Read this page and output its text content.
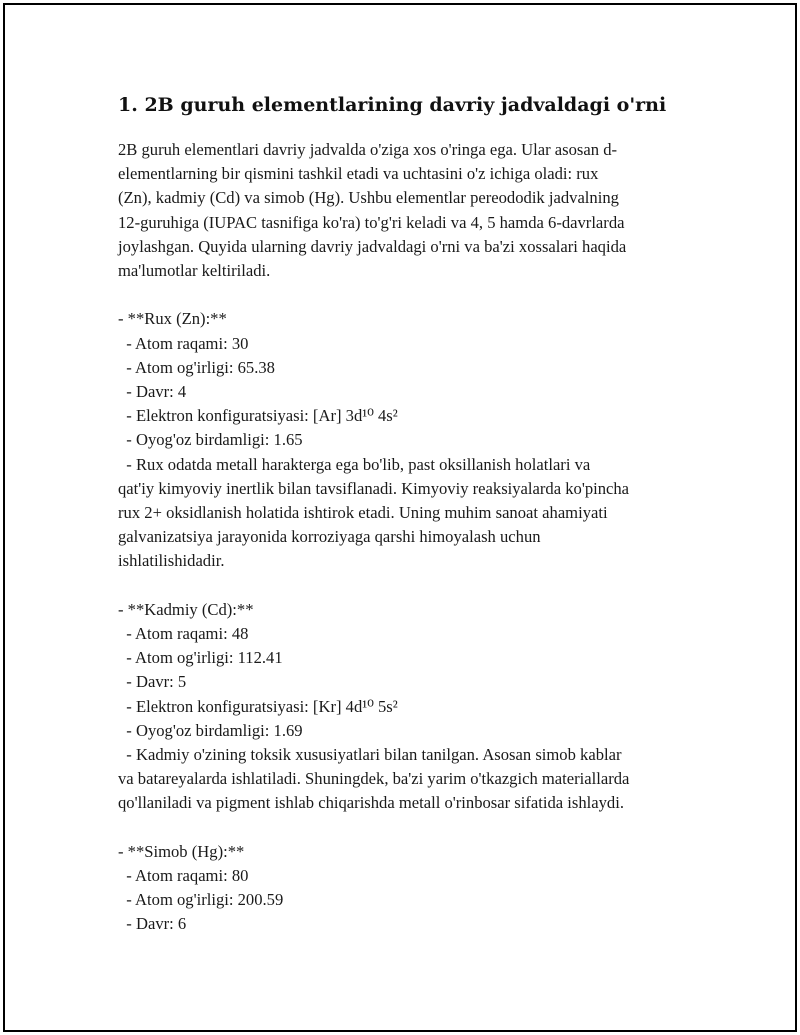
1. 2B guruh elementlarining davriy jadvaldagi o'rni
2B guruh elementlari davriy jadvalda o'ziga xos o'ringa ega. Ular asosan d-
elementlarning bir qismini tashkil etadi va uchtasini o'z ichiga oladi: rux
(Zn), kadmiy (Cd) va simob (Hg). Ushbu elementlar pereododik jadvalning
12-guruhiga (IUPAC tasnifiga ko'ra) to'g'ri keladi va 4, 5 hamda 6-davrlarda
joylashgan. Quyida ularning davriy jadvaldagi o'rni va ba'zi xossalari haqida
ma'lumotlar keltiriladi.
- **Rux (Zn):**
- Atom raqami: 30
- Atom og'irligi: 65.38
- Davr: 4
- Elektron konfiguratsiyasi: [Ar] 3d¹⁰ 4s²
- Oyog'oz birdamligi: 1.65
- Rux odatda metall harakterga ega bo'lib, past oksillanish holatlari va
qat'iy kimyoviy inertlik bilan tavsiflanadi. Kimyoviy reaksiyalarda ko'pincha
rux 2+ oksidlanish holatida ishtirok etadi. Uning muhim sanoat ahamiyati
galvanizatsiya jarayonida korroziyaga qarshi himoyalash uchun
ishlatilishidadir.
- **Kadmiy (Cd):**
- Atom raqami: 48
- Atom og'irligi: 112.41
- Davr: 5
- Elektron konfiguratsiyasi: [Kr] 4d¹⁰ 5s²
- Oyog'oz birdamligi: 1.69
- Kadmiy o'zining toksik xususiyatlari bilan tanilgan. Asosan simob kablar
va batareyalarda ishlatiladi. Shuningdek, ba'zi yarim o'tkazgich materiallarda
qo'llaniladi va pigment ishlab chiqarishda metall o'rinbosar sifatida ishlaydi.
- **Simob (Hg):**
- Atom raqami: 80
- Atom og'irligi: 200.59
- Davr: 6
